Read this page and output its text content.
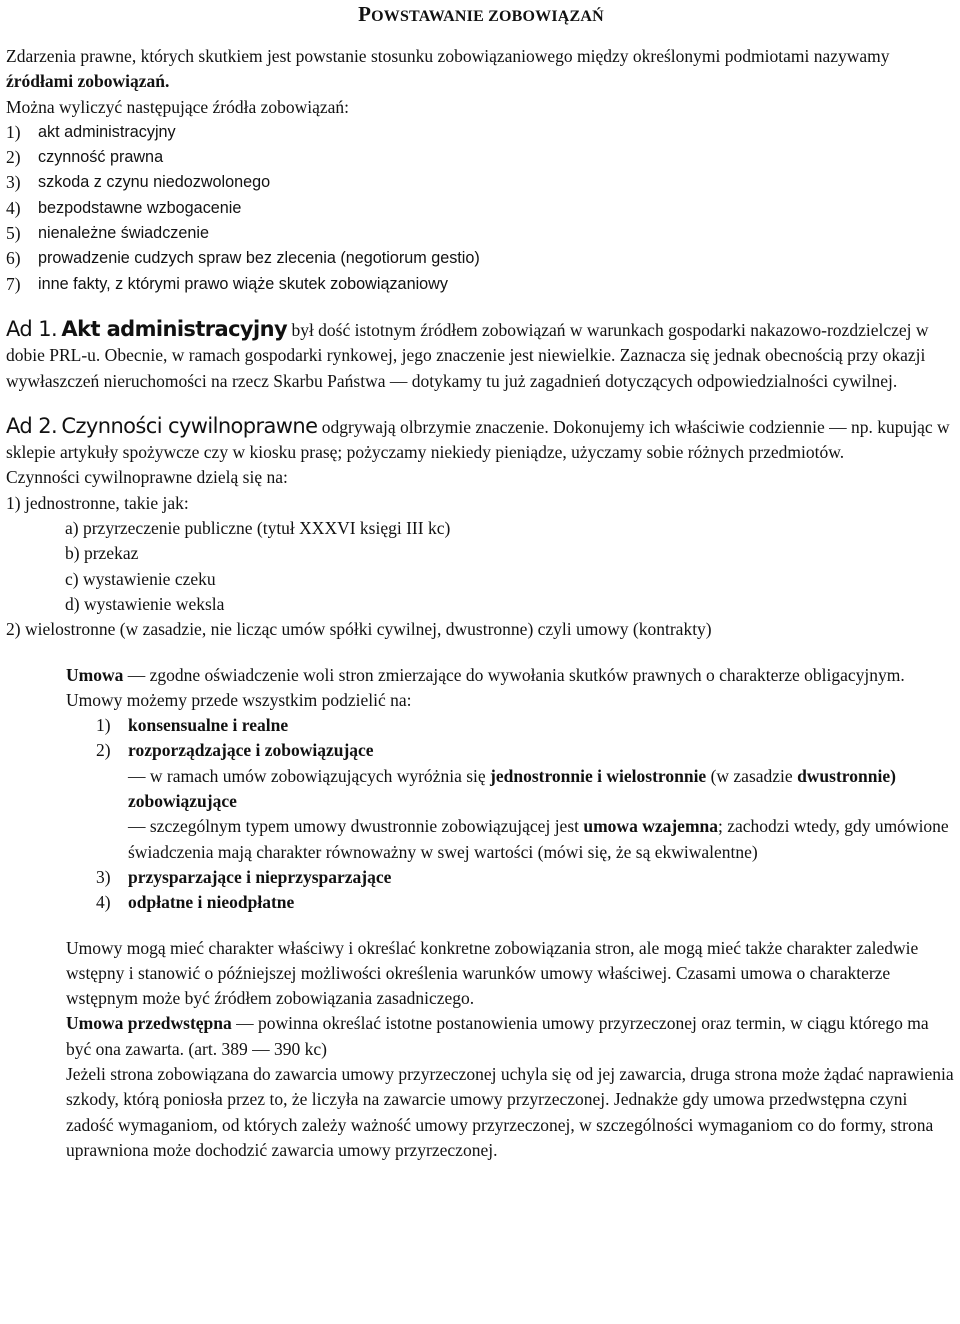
POWSTAWANIE ZOBOWIĄZAŃ

Zdarzenia prawne, których skutkiem jest powstanie stosunku zobowiązaniowego między określonymi podmiotami nazywamy źródłami zobowiązań.

Można wyliczyć następujące źródła zobowiązań:

1) akt administracyjny
2) czynność prawna
3) szkoda z czynu niedozwolonego
4) bezpodstawne wzbogacenie
5) nienależne świadczenie
6) prowadzenie cudzych spraw bez zlecenia (negotiorum gestio)
7) inne fakty, z którymi prawo wiąże skutek zobowiązaniowy

Ad 1. Akt administracyjny był dość istotnym źródłem zobowiązań w warunkach gospodarki nakazowo-rozdzielczej w dobie PRL-u. Obecnie, w ramach gospodarki rynkowej, jego znaczenie jest niewielkie. Zaznacza się jednak obecnością przy okazji wywłaszczeń nieruchomości na rzecz Skarbu Państwa — dotykamy tu już zagadnień dotyczących odpowiedzialności cywilnej.

Ad 2. Czynności cywilnoprawne odgrywają olbrzymie znaczenie. Dokonujemy ich właściwie codziennie — np. kupując w sklepie artykuły spożywcze czy w kiosku prasę; pożyczamy niekiedy pieniądze, użyczamy sobie różnych przedmiotów.

Czynności cywilnoprawne dzielą się na:

1) jednostronne, takie jak:

a) przyrzeczenie publiczne (tytuł XXXVI księgi III kc)
b) przekaz
c) wystawienie czeku
d) wystawienie weksla

2) wielostronne (w zasadzie, nie licząc umów spółki cywilnej, dwustronne) czyli umowy (kontrakty)

Umowa — zgodne oświadczenie woli stron zmierzające do wywołania skutków prawnych o charakterze obligacyjnym.

Umowy możemy przede wszystkim podzielić na:

1) konsensualne i realne
2) rozporządzające i zobowiązujące

— w ramach umów zobowiązujących wyróżnia się jednostronnie i wielostronnie (w zasadzie dwustronnie) zobowiązujące

— szczególnym typem umowy dwustronnie zobowiązującej jest umowa wzajemna; zachodzi wtedy, gdy umówione świadczenia mają charakter równoważny w swej wartości (mówi się, że są ekwiwalentne)

3) przysparzające i nieprzysparzające
4) odpłatne i nieodpłatne

Umowy mogą mieć charakter właściwy i określać konkretne zobowiązania stron, ale mogą mieć także charakter zaledwie wstępny i stanowić o późniejszej możliwości określenia warunków umowy właściwej. Czasami umowa o charakterze wstępnym może być źródłem zobowiązania zasadniczego.

Umowa przedwstępna — powinna określać istotne postanowienia umowy przyrzeczonej oraz termin, w ciągu którego ma być ona zawarta. (art. 389 — 390 kc)

Jeżeli strona zobowiązana do zawarcia umowy przyrzeczonej uchyla się od jej zawarcia, druga strona może żądać naprawienia szkody, którą poniosła przez to, że liczyła na zawarcie umowy przyrzeczonej. Jednakże gdy umowa przedwstępna czyni zadość wymaganiom, od których zależy ważność umowy przyrzeczonej, w szczególności wymaganiom co do formy, strona uprawniona może dochodzić zawarcia umowy przyrzeczonej.
